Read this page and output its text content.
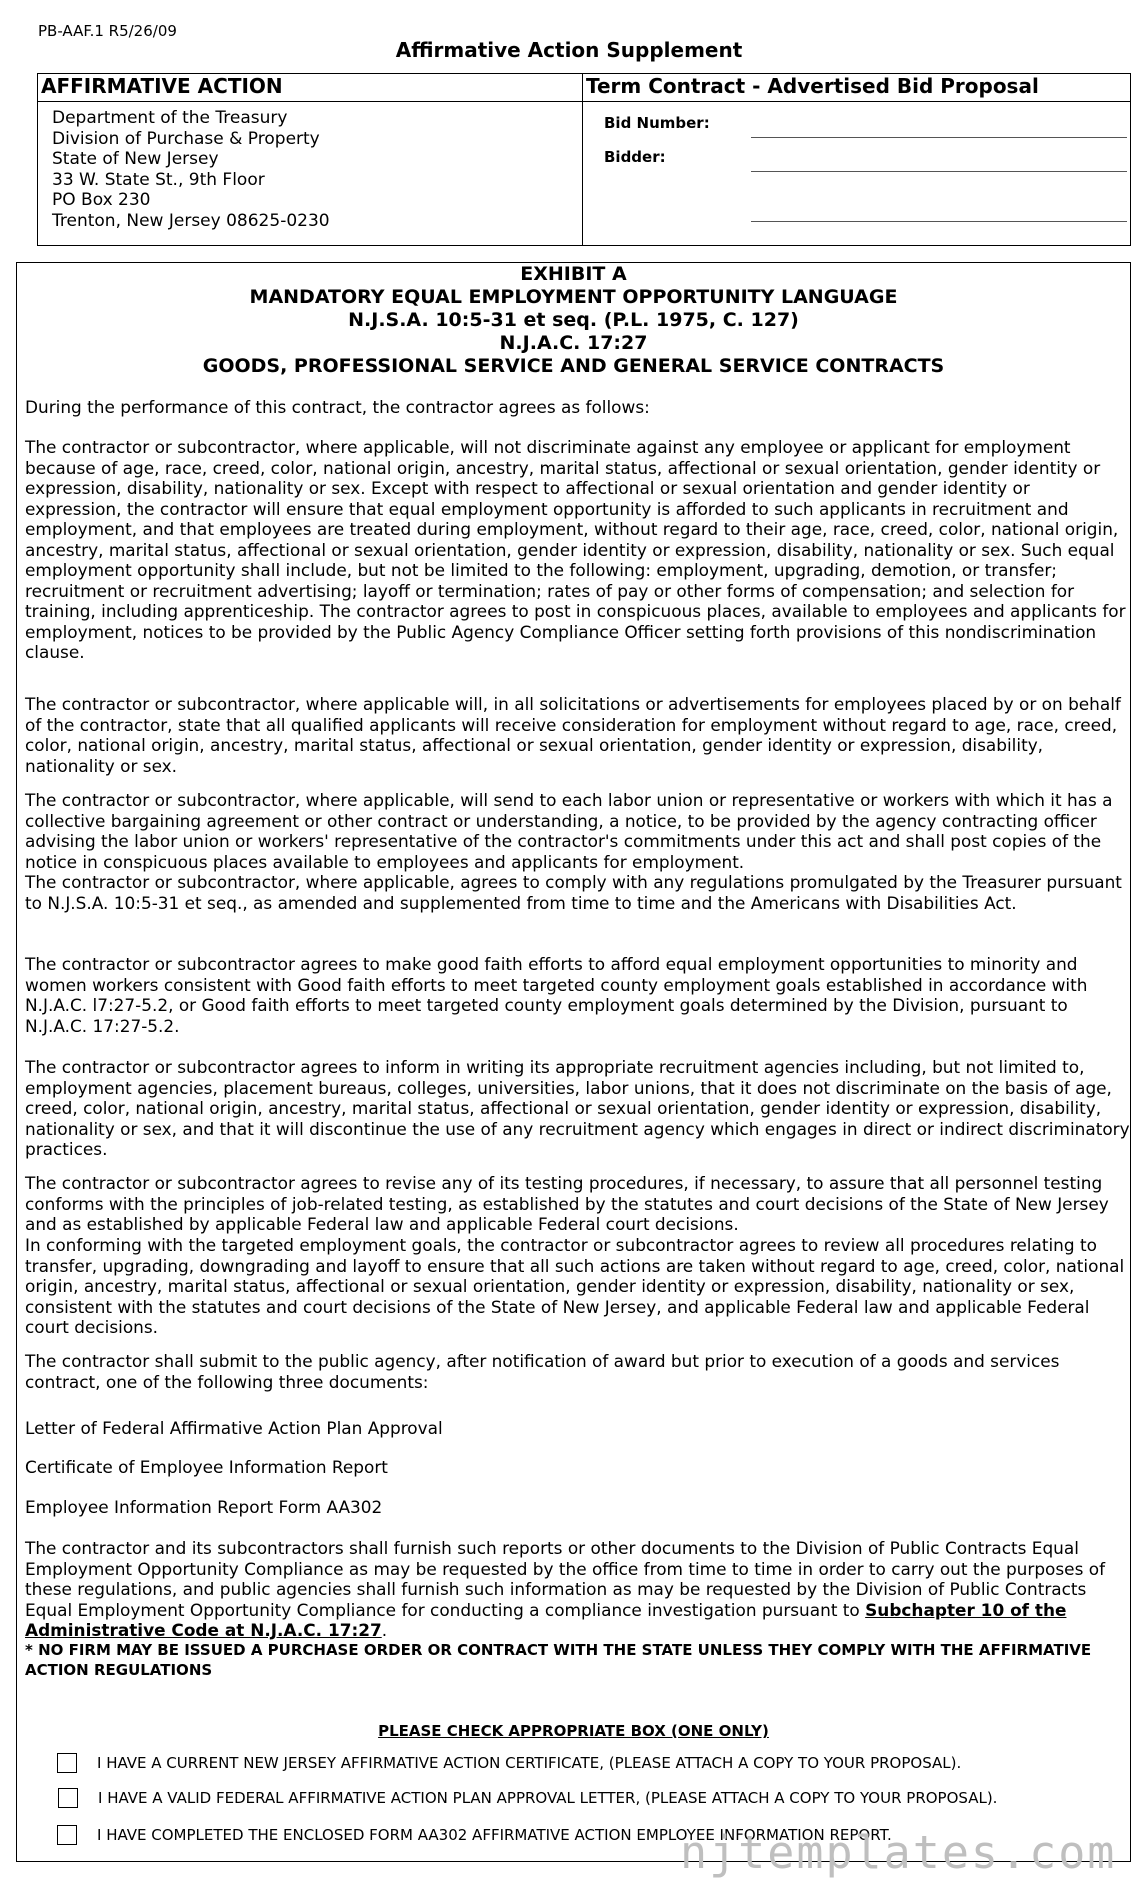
PB-AAF.1 R5/26/09
Affirmative Action Supplement
AFFIRMATIVE ACTION
Department of the Treasury
Division of Purchase & Property
State of New Jersey
33 W. State St., 9th Floor
PO Box 230
Trenton, New Jersey 08625-0230
Term Contract - Advertised Bid Proposal
Bid Number:
Bidder:
EXHIBIT A
MANDATORY EQUAL EMPLOYMENT OPPORTUNITY LANGUAGE
N.J.S.A. 10:5-31 et seq. (P.L. 1975, C. 127)
N.J.A.C. 17:27
GOODS, PROFESSIONAL SERVICE AND GENERAL SERVICE CONTRACTS

During the performance of this contract, the contractor agrees as follows:

The contractor or subcontractor, where applicable, will not discriminate against any employee or applicant for employment because of age, race, creed, color, national origin, ancestry, marital status, affectional or sexual orientation, gender identity or expression, disability, nationality or sex. Except with respect to affectional or sexual orientation and gender identity or expression, the contractor will ensure that equal employment opportunity is afforded to such applicants in recruitment and employment, and that employees are treated during employment, without regard to their age, race, creed, color, national origin, ancestry, marital status, affectional or sexual orientation, gender identity or expression, disability, nationality or sex. Such equal employment opportunity shall include, but not be limited to the following: employment, upgrading, demotion, or transfer; recruitment or recruitment advertising; layoff or termination; rates of pay or other forms of compensation; and selection for training, including apprenticeship. The contractor agrees to post in conspicuous places, available to employees and applicants for employment, notices to be provided by the Public Agency Compliance Officer setting forth provisions of this nondiscrimination clause.

The contractor or subcontractor, where applicable will, in all solicitations or advertisements for employees placed by or on behalf of the contractor, state that all qualified applicants will receive consideration for employment without regard to age, race, creed, color, national origin, ancestry, marital status, affectional or sexual orientation, gender identity or expression, disability, nationality or sex.

The contractor or subcontractor, where applicable, will send to each labor union or representative or workers with which it has a collective bargaining agreement or other contract or understanding, a notice, to be provided by the agency contracting officer advising the labor union or workers' representative of the contractor's commitments under this act and shall post copies of the notice in conspicuous places available to employees and applicants for employment.

The contractor or subcontractor, where applicable, agrees to comply with any regulations promulgated by the Treasurer pursuant to N.J.S.A. 10:5-31 et seq., as amended and supplemented from time to time and the Americans with Disabilities Act.

The contractor or subcontractor agrees to make good faith efforts to afford equal employment opportunities to minority and women workers consistent with Good faith efforts to meet targeted county employment goals established in accordance with N.J.A.C. l7:27-5.2, or Good faith efforts to meet targeted county employment goals determined by the Division, pursuant to N.J.A.C. 17:27-5.2.

The contractor or subcontractor agrees to inform in writing its appropriate recruitment agencies including, but not limited to, employment agencies, placement bureaus, colleges, universities, labor unions, that it does not discriminate on the basis of age, creed, color, national origin, ancestry, marital status, affectional or sexual orientation, gender identity or expression, disability, nationality or sex, and that it will discontinue the use of any recruitment agency which engages in direct or indirect discriminatory practices.

The contractor or subcontractor agrees to revise any of its testing procedures, if necessary, to assure that all personnel testing conforms with the principles of job-related testing, as established by the statutes and court decisions of the State of New Jersey and as established by applicable Federal law and applicable Federal court decisions.

In conforming with the targeted employment goals, the contractor or subcontractor agrees to review all procedures relating to transfer, upgrading, downgrading and layoff to ensure that all such actions are taken without regard to age, creed, color, national origin, ancestry, marital status, affectional or sexual orientation, gender identity or expression, disability, nationality or sex, consistent with the statutes and court decisions of the State of New Jersey, and applicable Federal law and applicable Federal court decisions.

The contractor shall submit to the public agency, after notification of award but prior to execution of a goods and services contract, one of the following three documents:

Letter of Federal Affirmative Action Plan Approval

Certificate of Employee Information Report

Employee Information Report Form AA302

The contractor and its subcontractors shall furnish such reports or other documents to the Division of Public Contracts Equal Employment Opportunity Compliance as may be requested by the office from time to time in order to carry out the purposes of these regulations, and public agencies shall furnish such information as may be requested by the Division of Public Contracts Equal Employment Opportunity Compliance for conducting a compliance investigation pursuant to Subchapter 10 of the Administrative Code at N.J.A.C. 17:27.

* NO FIRM MAY BE ISSUED A PURCHASE ORDER OR CONTRACT WITH THE STATE UNLESS THEY COMPLY WITH THE AFFIRMATIVE ACTION REGULATIONS

PLEASE CHECK APPROPRIATE BOX (ONE ONLY)
I HAVE A CURRENT NEW JERSEY AFFIRMATIVE ACTION CERTIFICATE, (PLEASE ATTACH A COPY TO YOUR PROPOSAL).
I HAVE A VALID FEDERAL AFFIRMATIVE ACTION PLAN APPROVAL LETTER, (PLEASE ATTACH A COPY TO YOUR PROPOSAL).
I HAVE COMPLETED THE ENCLOSED FORM AA302 AFFIRMATIVE ACTION EMPLOYEE INFORMATION REPORT.
njtemplates.com
